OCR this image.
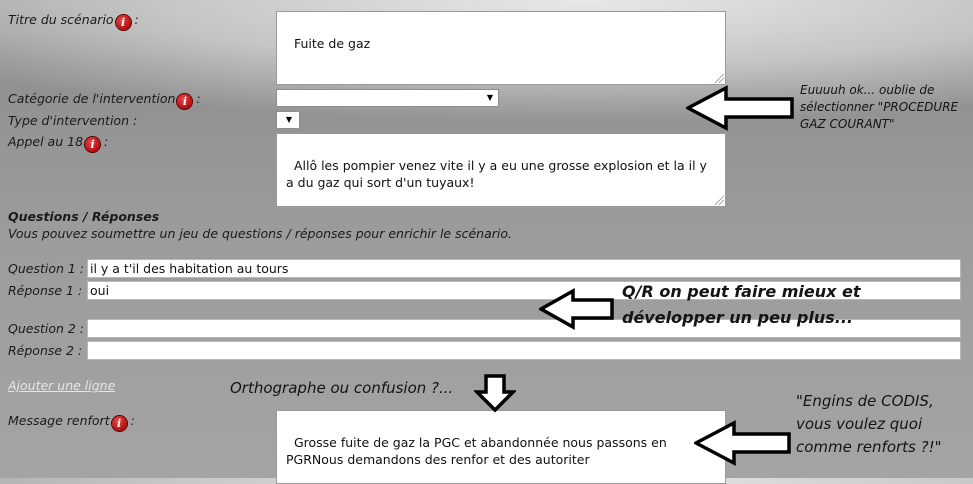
Titre du scénario i :

Fuite de gaz

Catégorie de l'intervention i :	▼
Type d'intervention :	▼
Appel au 18 i :

Allô les pompier venez vite il y a eu une grosse explosion et la il y a du gaz qui sort d'un tuyaux!

Questions / Réponses
Vous pouvez soumettre un jeu de questions / réponses pour enrichir le scénario.
Question 1 : il y a t'il des habitation au tours
Réponse 1 : oui
Question 2 :
Réponse 2 :
Ajouter une ligne
Message renfort i :

Grosse fuite de gaz la PGC et abandonnée nous passons en PGRNous demandons des renfor et des autoriter

Euuuuh ok... oublie de sélectionner "PROCEDURE GAZ COURANT"
Q/R on peut faire mieux et développer un peu plus...
Orthographe ou confusion ?...
"Engins de CODIS, vous voulez quoi comme renforts ?!"
